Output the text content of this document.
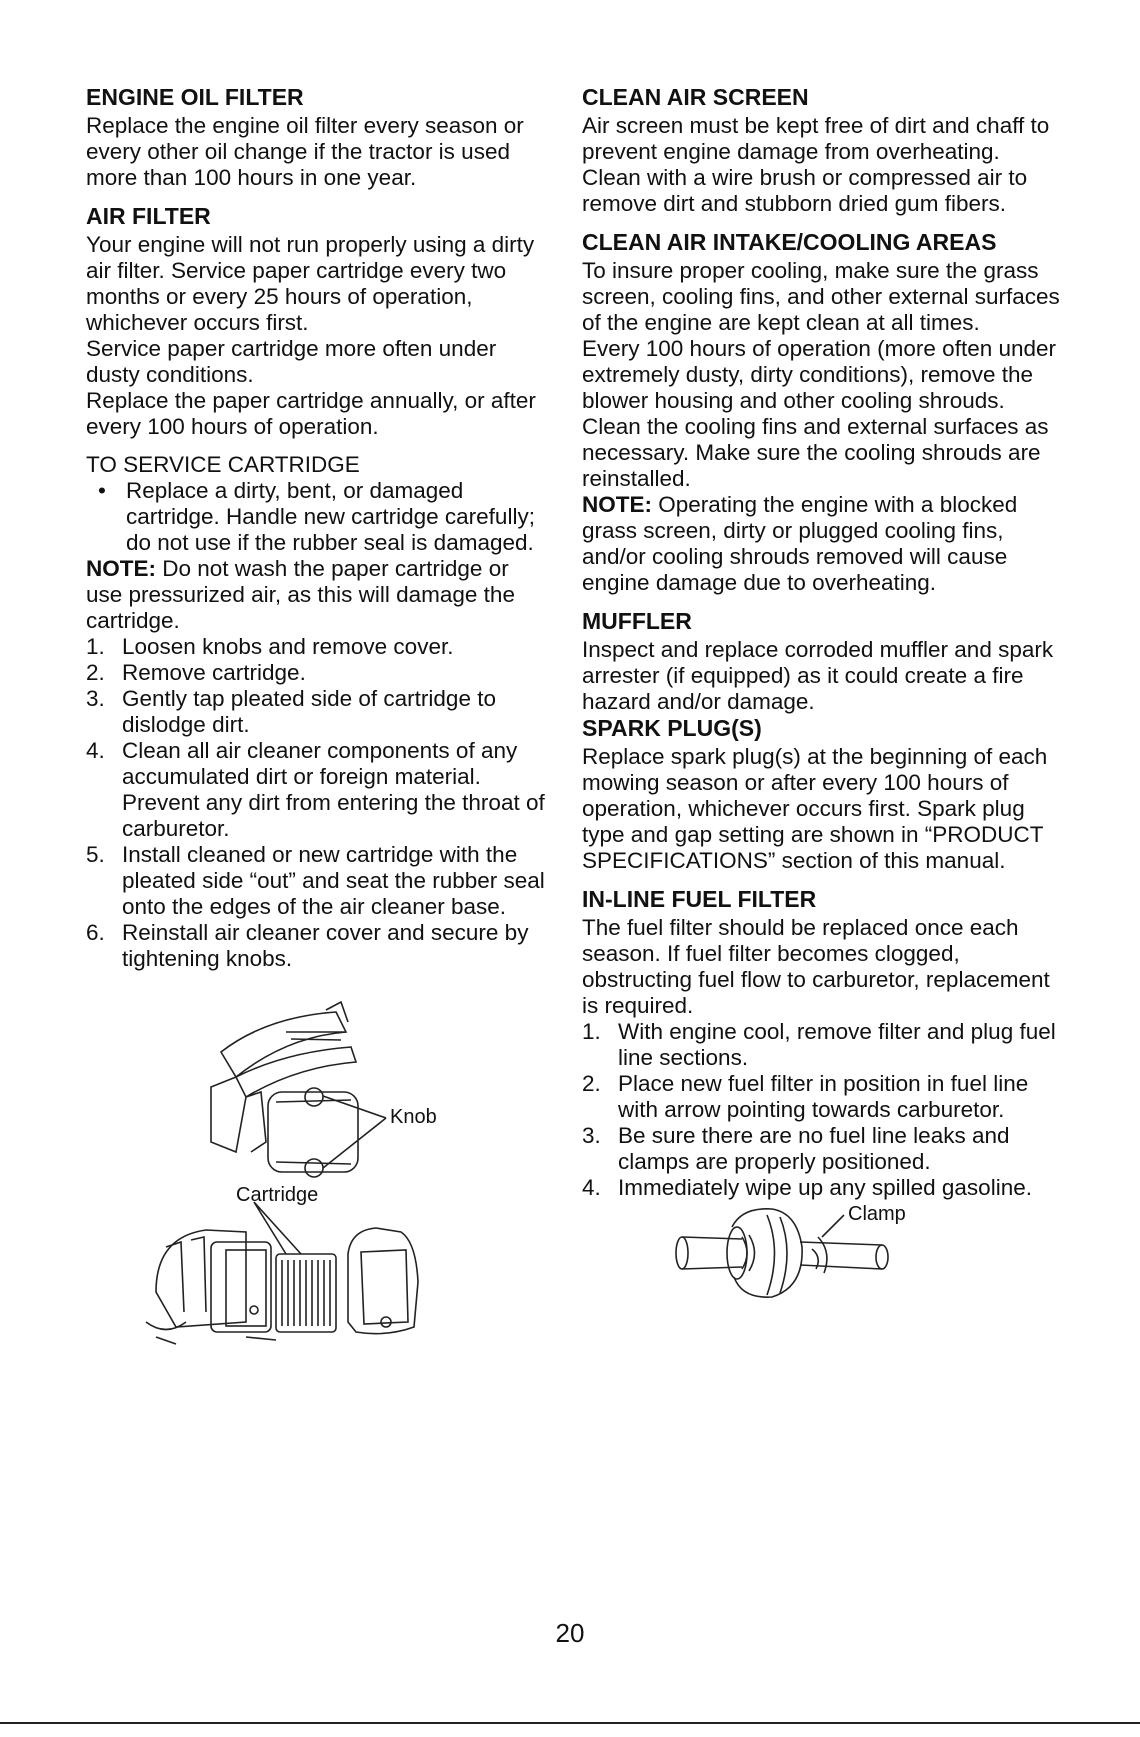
ENGINE OIL FILTER

Replace the engine oil filter every season or every other oil change if the tractor is used more than 100 hours in one year.

AIR FILTER

Your engine will not run properly using a dirty air filter. Service paper cartridge every two months or every 25 hours of operation, whichever occurs first.

Service paper cartridge more often under dusty conditions.

Replace the paper cartridge annually, or after every 100 hours of operation.

TO SERVICE CARTRIDGE

• Replace a dirty, bent, or damaged cartridge. Handle new cartridge carefully; do not use if the rubber seal is damaged.

NOTE: Do not wash the paper cartridge or use pressurized air, as this will damage the cartridge.

1. Loosen knobs and remove cover.
2. Remove cartridge.
3. Gently tap pleated side of cartridge to dislodge dirt.
4. Clean all air cleaner components of any accumulated dirt or foreign material. Prevent any dirt from entering the throat of carburetor.
5. Install cleaned or new cartridge with the pleated side “out” and seat the rubber seal onto the edges of the air cleaner base.
6. Reinstall air cleaner cover and secure by tightening knobs.
Knob
Cartridge
CLEAN AIR SCREEN

Air screen must be kept free of dirt and chaff to prevent engine damage from overheating. Clean with a wire brush or compressed air to remove dirt and stubborn dried gum fibers.

CLEAN AIR INTAKE/COOLING AREAS

To insure proper cooling, make sure the grass screen, cooling fins, and other external surfaces of the engine are kept clean at all times.

Every 100 hours of operation (more often under extremely dusty, dirty conditions), remove the blower housing and other cooling shrouds. Clean the cooling fins and external surfaces as necessary. Make sure the cooling shrouds are reinstalled.

NOTE: Operating the engine with a blocked grass screen, dirty or plugged cooling fins, and/or cooling shrouds removed will cause engine damage due to overheating.

MUFFLER

Inspect and replace corroded muffler and spark arrester (if equipped) as it could create a fire hazard and/or damage.

SPARK PLUG(S)

Replace spark plug(s) at the beginning of each mowing season or after every 100 hours of operation, whichever occurs first. Spark plug type and gap setting are shown in “PRODUCT SPECIFICATIONS” section of this manual.

IN-LINE FUEL FILTER

The fuel filter should be replaced once each season. If fuel filter becomes clogged, obstructing fuel flow to carburetor, replacement is required.

1. With engine cool, remove filter and plug fuel line sections.
2. Place new fuel filter in position in fuel line with arrow pointing towards carburetor.
3. Be sure there are no fuel line leaks and clamps are properly positioned.
4. Immediately wipe up any spilled gasoline.
Clamp
20
